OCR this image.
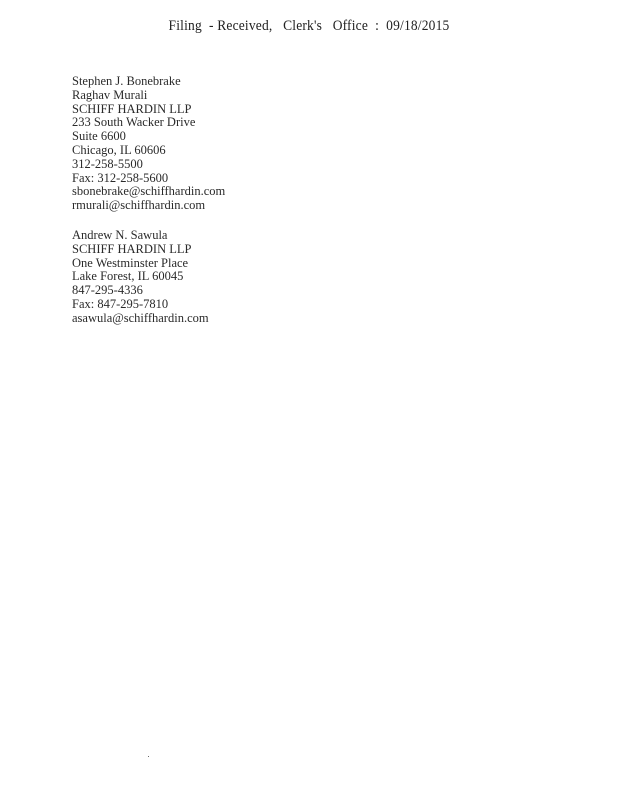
Filing  - Received,   Clerk's   Office  :  09/18/2015
Stephen J. Bonebrake
Raghav Murali
SCHIFF HARDIN LLP
233 South Wacker Drive
Suite 6600
Chicago, IL 60606
312-258-5500
Fax: 312-258-5600
sbonebrake@schiffhardin.com
rmurali@schiffhardin.com
Andrew N. Sawula
SCHIFF HARDIN LLP
One Westminster Place
Lake Forest, IL 60045
847-295-4336
Fax: 847-295-7810
asawula@schiffhardin.com
